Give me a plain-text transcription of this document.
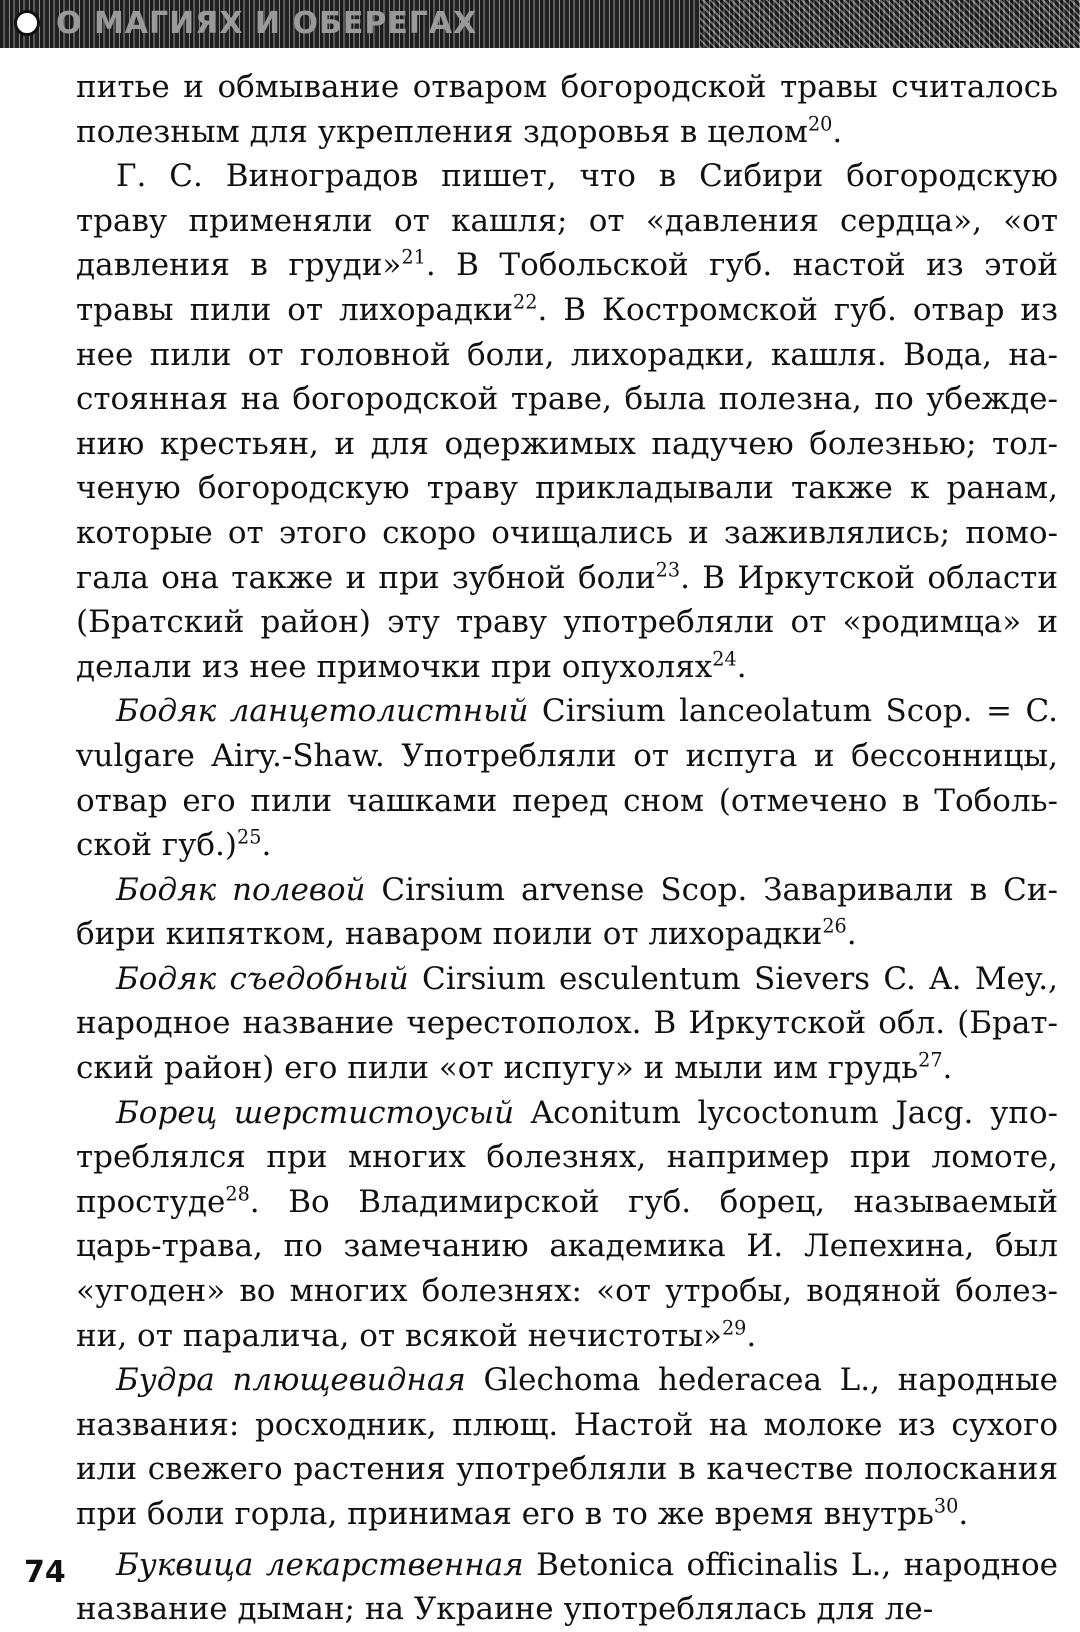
О МАГИЯХ И ОБЕРЕГАХ

питье и обмывание отваром богородской травы считалось полезным для укрепления здоровья в целом$^{20}$.

Г. С. Виноградов пишет, что в Сибири богородскую траву применяли от кашля; от «давления сердца», «от давления в груди»$^{21}$. В Тобольской губ. настой из этой травы пили от лихорадки$^{22}$. В Костромской губ. отвар из нее пили от головной боли, лихорадки, кашля. Вода, настоянная на богородской траве, была полезна, по убеждению крестьян, и для одержимых падучею болезнью; толченую богородскую траву прикладывали также к ранам, которые от этого скоро очищались и заживлялись; помогала она также и при зубной боли$^{23}$. В Иркутской области (Братский район) эту траву употребляли от «родимца» и делали из нее примочки при опухолях$^{24}$.

Бодяк ланцетолистный Cirsium lanceolatum Scop. = C. vulgare Airy.-Shaw. Употребляли от испуга и бессонницы, отвар его пили чашками перед сном (отмечено в Тобольской губ.)$^{25}$.

Бодяк полевой Cirsium arvense Scop. Заваривали в Сибири кипятком, наваром поили от лихорадки$^{26}$.

Бодяк съедобный Cirsium esculentum Sievers C. A. Mey., народное название черестополох. В Иркутской обл. (Братский район) его пили «от испугу» и мыли им грудь$^{27}$.

Борец шерстистоусый Aconitum lycoctonum Jacg. употреблялся при многих болезнях, например при ломоте, простуде$^{28}$. Во Владимирской губ. борец, называемый царь-трава, по замечанию академика И. Лепехина, был «угоден» во многих болезнях: «от утробы, водяной болезни, от паралича, от всякой нечистоты»$^{29}$.

Будра плющевидная Glechoma hederacea L., народные названия: росходник, плющ. Настой на молоке из сухого или свежего растения употребляли в качестве полоскания при боли горла, принимая его в то же время внутрь$^{30}$.

Буквица лекарственная Betonica officinalis L., народное название дыман; на Украине употреблялась для ле-

74
